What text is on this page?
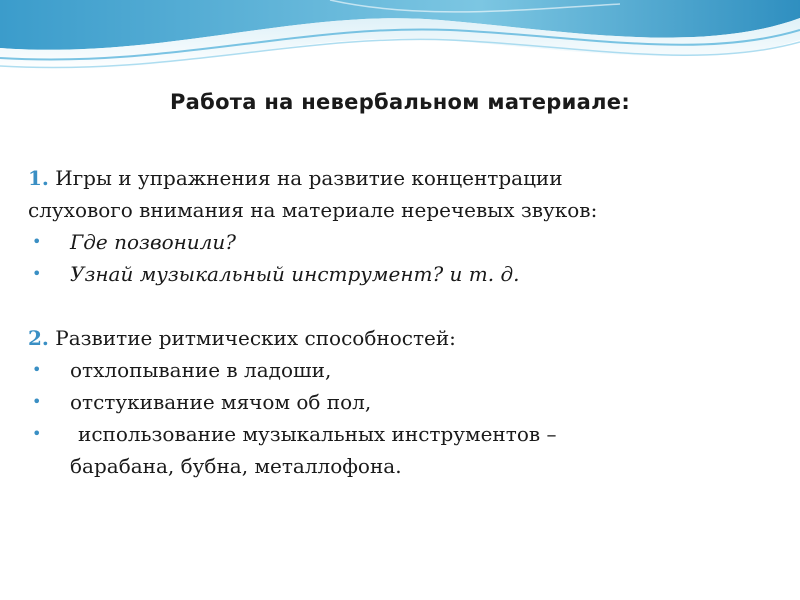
Работа на невербальном материале:

1. Игры и упражнения на развитие концентрации

слухового внимания на материале неречевых звуков:

• Где позвонили?
• Узнай музыкальный инструмент? и т. д.

2. Развитие ритмических способностей:

• отхлопывание в ладоши,
• отстукивание мячом об пол,
• использование музыкальных инструментов –
барабана, бубна, металлофона.
